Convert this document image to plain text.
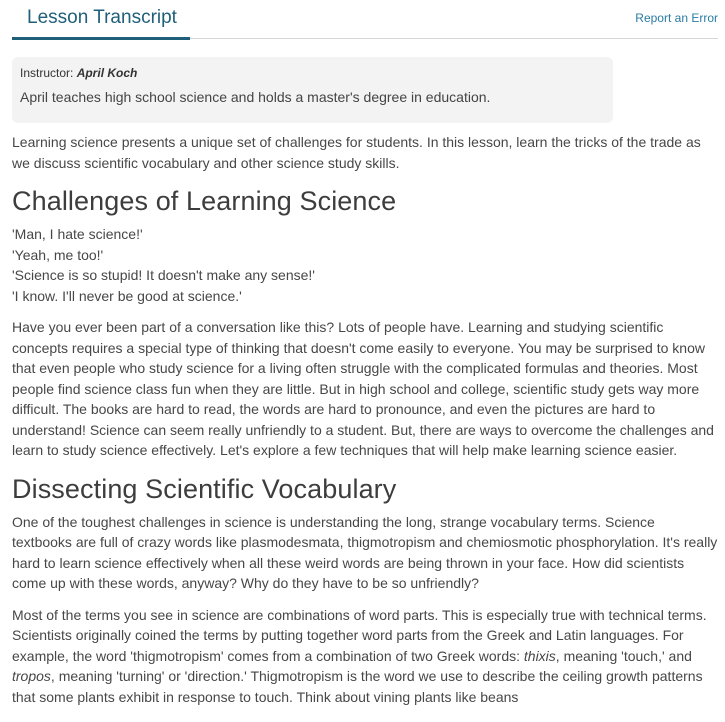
Lesson Transcript	Report an Error
Instructor: April Koch
April teaches high school science and holds a master's degree in education.

Learning science presents a unique set of challenges for students. In this lesson, learn the tricks of the trade as we discuss scientific vocabulary and other science study skills.

Challenges of Learning Science
'Man, I hate science!'
'Yeah, me too!'
'Science is so stupid! It doesn't make any sense!'
'I know. I'll never be good at science.'

Have you ever been part of a conversation like this? Lots of people have. Learning and studying scientific concepts requires a special type of thinking that doesn't come easily to everyone. You may be surprised to know that even people who study science for a living often struggle with the complicated formulas and theories. Most people find science class fun when they are little. But in high school and college, scientific study gets way more difficult. The books are hard to read, the words are hard to pronounce, and even the pictures are hard to understand! Science can seem really unfriendly to a student. But, there are ways to overcome the challenges and learn to study science effectively. Let's explore a few techniques that will help make learning science easier.

Dissecting Scientific Vocabulary

One of the toughest challenges in science is understanding the long, strange vocabulary terms. Science textbooks are full of crazy words like plasmodesmata, thigmotropism and chemiosmotic phosphorylation. It's really hard to learn science effectively when all these weird words are being thrown in your face. How did scientists come up with these words, anyway? Why do they have to be so unfriendly?

Most of the terms you see in science are combinations of word parts. This is especially true with technical terms. Scientists originally coined the terms by putting together word parts from the Greek and Latin languages. For example, the word 'thigmotropism' comes from a combination of two Greek words: thixis, meaning 'touch,' and tropos, meaning 'turning' or 'direction.' Thigmotropism is the word we use to describe the ceiling growth patterns that some plants exhibit in response to touch. Think about vining plants like beans
